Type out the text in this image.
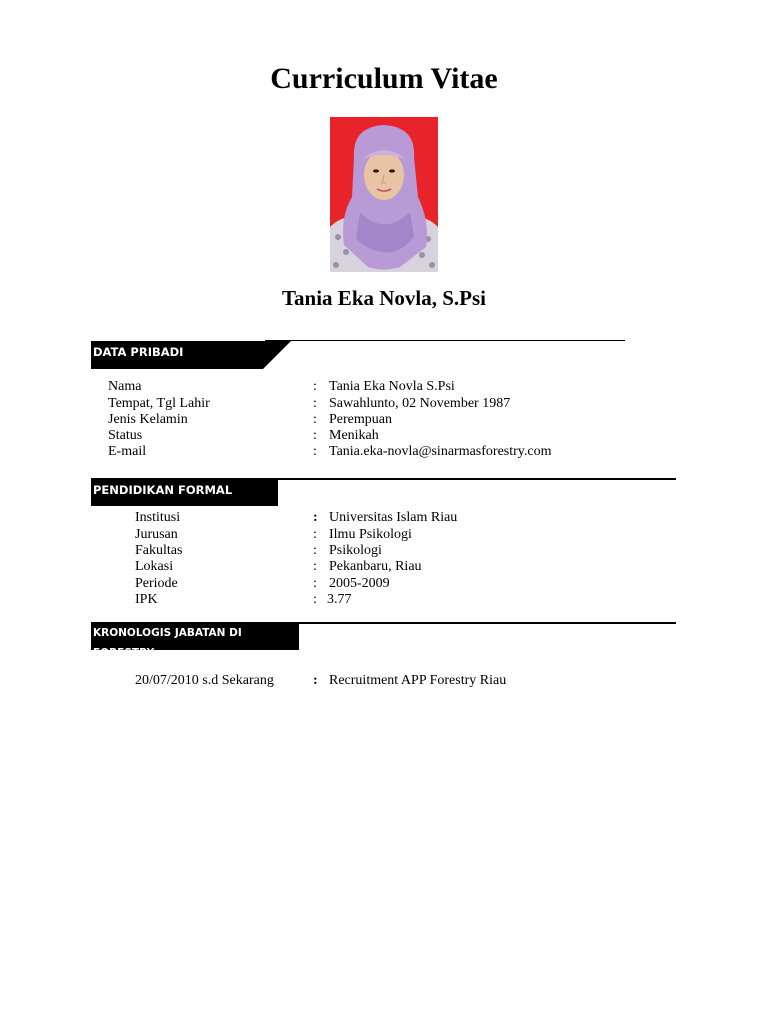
Curriculum Vitae
Tania Eka Novla, S.Psi
DATA PRIBADI
Nama	: Tania Eka Novla S.Psi
Tempat, Tgl Lahir	: Sawahlunto, 02 November 1987
Jenis Kelamin	: Perempuan
Status	: Menikah
E-mail	: Tania.eka-novla@sinarmasforestry.com
PENDIDIKAN FORMAL
Institusi	: Universitas Islam Riau
Jurusan	: Ilmu Psikologi
Fakultas	: Psikologi
Lokasi	: Pekanbaru, Riau
Periode	: 2005-2009
IPK	: 3.77
KRONOLOGIS JABATAN DI FORESTRY
20/07/2010 s.d Sekarang	: Recruitment APP Forestry Riau
